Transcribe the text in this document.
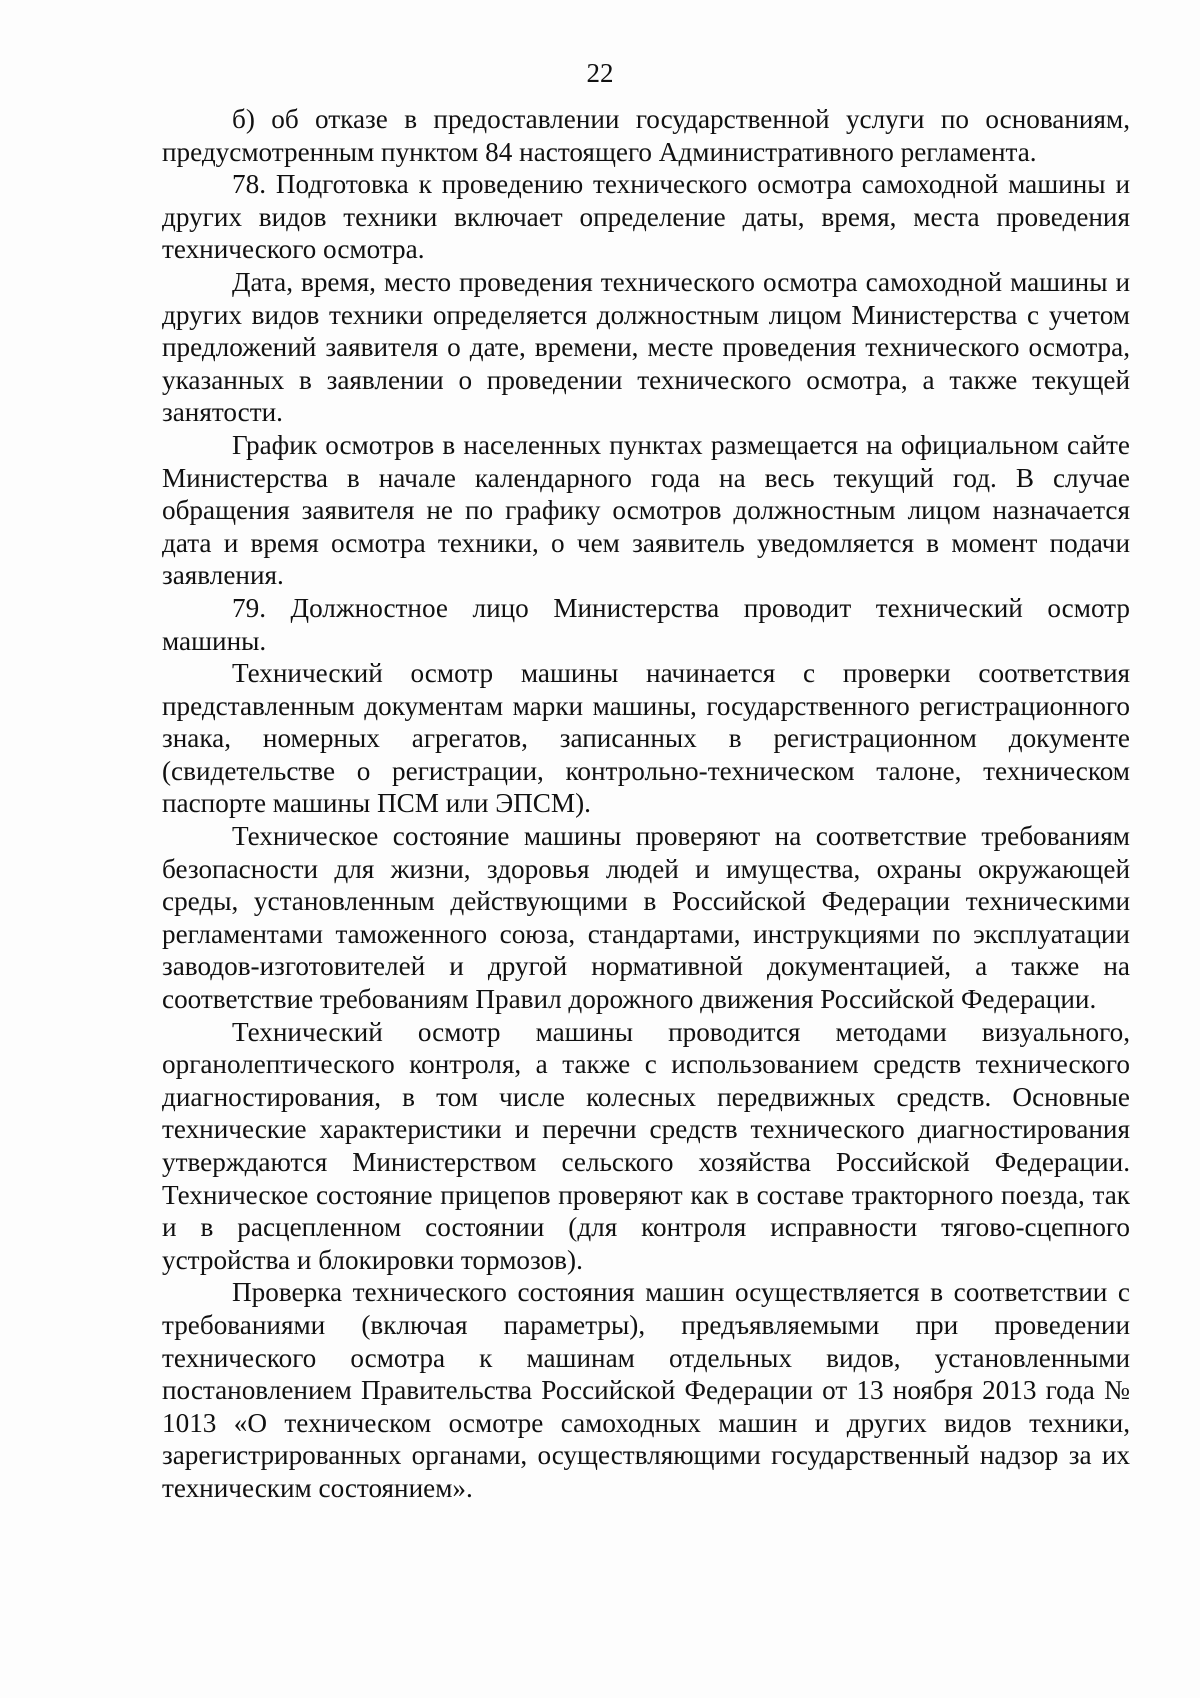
22

б) об отказе в предоставлении государственной услуги по основаниям, предусмотренным пунктом 84 настоящего Административного регламента.

78. Подготовка к проведению технического осмотра самоходной машины и других видов техники включает определение даты, время, места проведения технического осмотра.

Дата, время, место проведения технического осмотра самоходной машины и других видов техники определяется должностным лицом Министерства с учетом предложений заявителя о дате, времени, месте проведения технического осмотра, указанных в заявлении о проведении технического осмотра, а также текущей занятости.

График осмотров в населенных пунктах размещается на официальном сайте Министерства в начале календарного года на весь текущий год. В случае обращения заявителя не по графику осмотров должностным лицом назначается дата и время осмотра техники, о чем заявитель уведомляется в момент подачи заявления.

79. Должностное лицо Министерства проводит технический осмотр машины.

Технический осмотр машины начинается с проверки соответствия представленным документам марки машины, государственного регистрационного знака, номерных агрегатов, записанных в регистрационном документе (свидетельстве о регистрации, контрольно-техническом талоне, техническом паспорте машины ПСМ или ЭПСМ).

Техническое состояние машины проверяют на соответствие требованиям безопасности для жизни, здоровья людей и имущества, охраны окружающей среды, установленным действующими в Российской Федерации техническими регламентами таможенного союза, стандартами, инструкциями по эксплуатации заводов-изготовителей и другой нормативной документацией, а также на соответствие требованиям Правил дорожного движения Российской Федерации.

Технический осмотр машины проводится методами визуального, органолептического контроля, а также с использованием средств технического диагностирования, в том числе колесных передвижных средств. Основные технические характеристики и перечни средств технического диагностирования утверждаются Министерством сельского хозяйства Российской Федерации. Техническое состояние прицепов проверяют как в составе тракторного поезда, так и в расцепленном состоянии (для контроля исправности тягово-сцепного устройства и блокировки тормозов).

Проверка технического состояния машин осуществляется в соответствии с требованиями (включая параметры), предъявляемыми при проведении технического осмотра к машинам отдельных видов, установленными постановлением Правительства Российской Федерации от 13 ноября 2013 года № 1013 «О техническом осмотре самоходных машин и других видов техники, зарегистрированных органами, осуществляющими государственный надзор за их техническим состоянием».
